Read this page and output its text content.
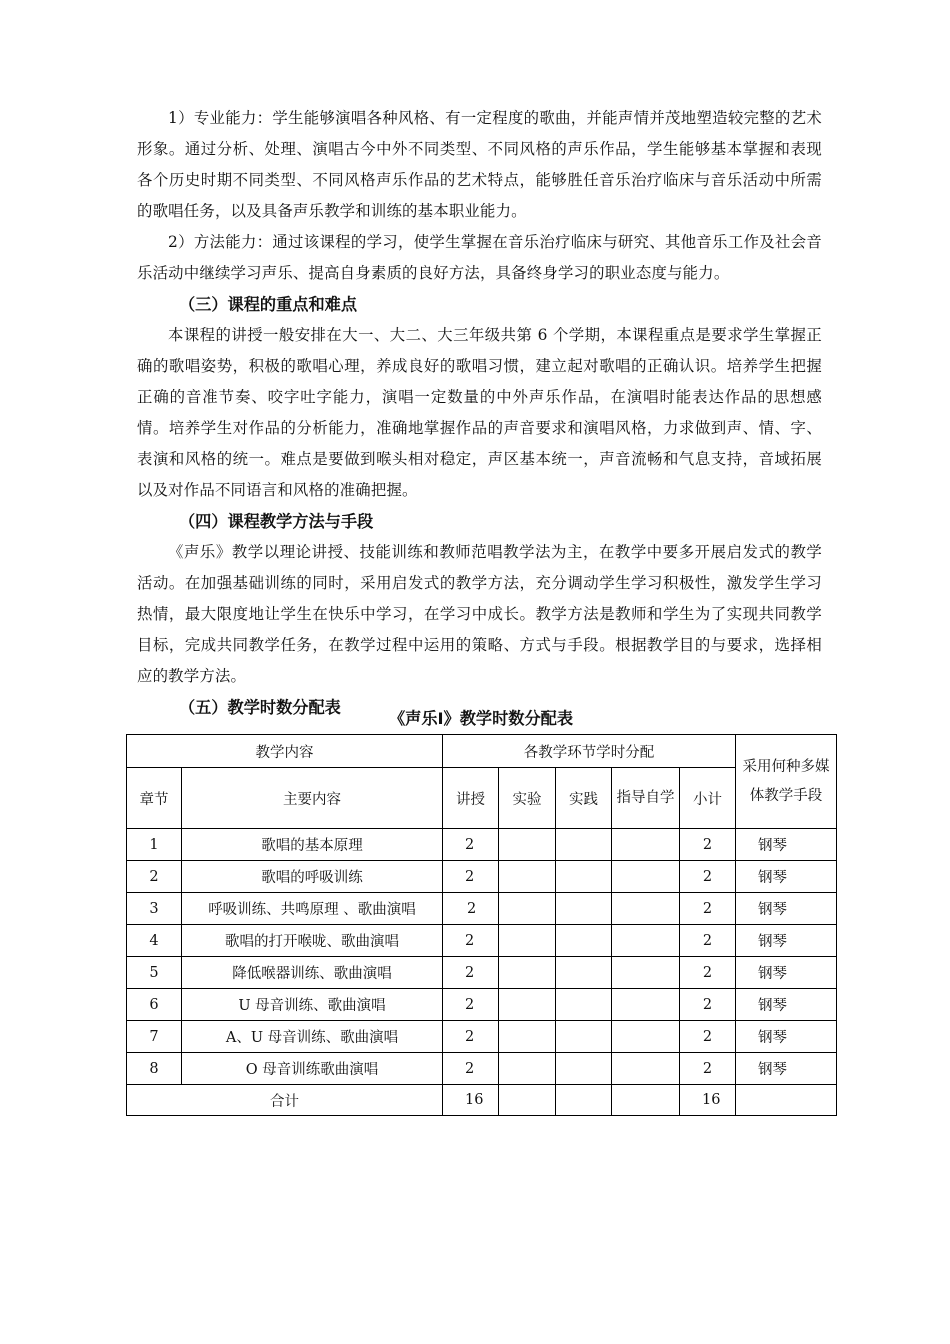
1）专业能力：学生能够演唱各种风格、有一定程度的歌曲，并能声情并茂地塑造较完整的艺术形象。通过分析、处理、演唱古今中外不同类型、不同风格的声乐作品，学生能够基本掌握和表现各个历史时期不同类型、不同风格声乐作品的艺术特点，能够胜任音乐治疗临床与音乐活动中所需的歌唱任务，以及具备声乐教学和训练的基本职业能力。

2）方法能力：通过该课程的学习，使学生掌握在音乐治疗临床与研究、其他音乐工作及社会音乐活动中继续学习声乐、提高自身素质的良好方法，具备终身学习的职业态度与能力。

（三）课程的重点和难点

本课程的讲授一般安排在大一、大二、大三年级共第 6 个学期，本课程重点是要求学生掌握正确的歌唱姿势，积极的歌唱心理，养成良好的歌唱习惯，建立起对歌唱的正确认识。培养学生把握正确的音准节奏、咬字吐字能力，演唱一定数量的中外声乐作品，在演唱时能表达作品的思想感情。培养学生对作品的分析能力，准确地掌握作品的声音要求和演唱风格，力求做到声、情、字、表演和风格的统一。难点是要做到喉头相对稳定，声区基本统一，声音流畅和气息支持，音域拓展以及对作品不同语言和风格的准确把握。

（四）课程教学方法与手段

《声乐》教学以理论讲授、技能训练和教师范唱教学法为主，在教学中要多开展启发式的教学活动。在加强基础训练的同时，采用启发式的教学方法，充分调动学生学习积极性，激发学生学习热情，最大限度地让学生在快乐中学习，在学习中成长。教学方法是教师和学生为了实现共同教学目标，完成共同教学任务，在教学过程中运用的策略、方式与手段。根据教学目的与要求，选择相应的教学方法。

（五）教学时数分配表

《声乐Ⅰ》教学时数分配表
教学内容		各教学环节学时分配					采用何种多媒体教学手段
章节	主要内容	讲授	实验	实践	指导自学	小计	
1	歌唱的基本原理	2				2	钢琴
2	歌唱的呼吸训练	2				2	钢琴
3	呼吸训练、共鸣原理 、歌曲演唱	2				2	钢琴
4	歌唱的打开喉咙、歌曲演唱	2				2	钢琴
5	降低喉器训练、歌曲演唱	2				2	钢琴
6	U 母音训练、歌曲演唱	2				2	钢琴
7	A、U 母音训练、歌曲演唱	2				2	钢琴
8	O 母音训练歌曲演唱	2				2	钢琴
合计		16				16	
